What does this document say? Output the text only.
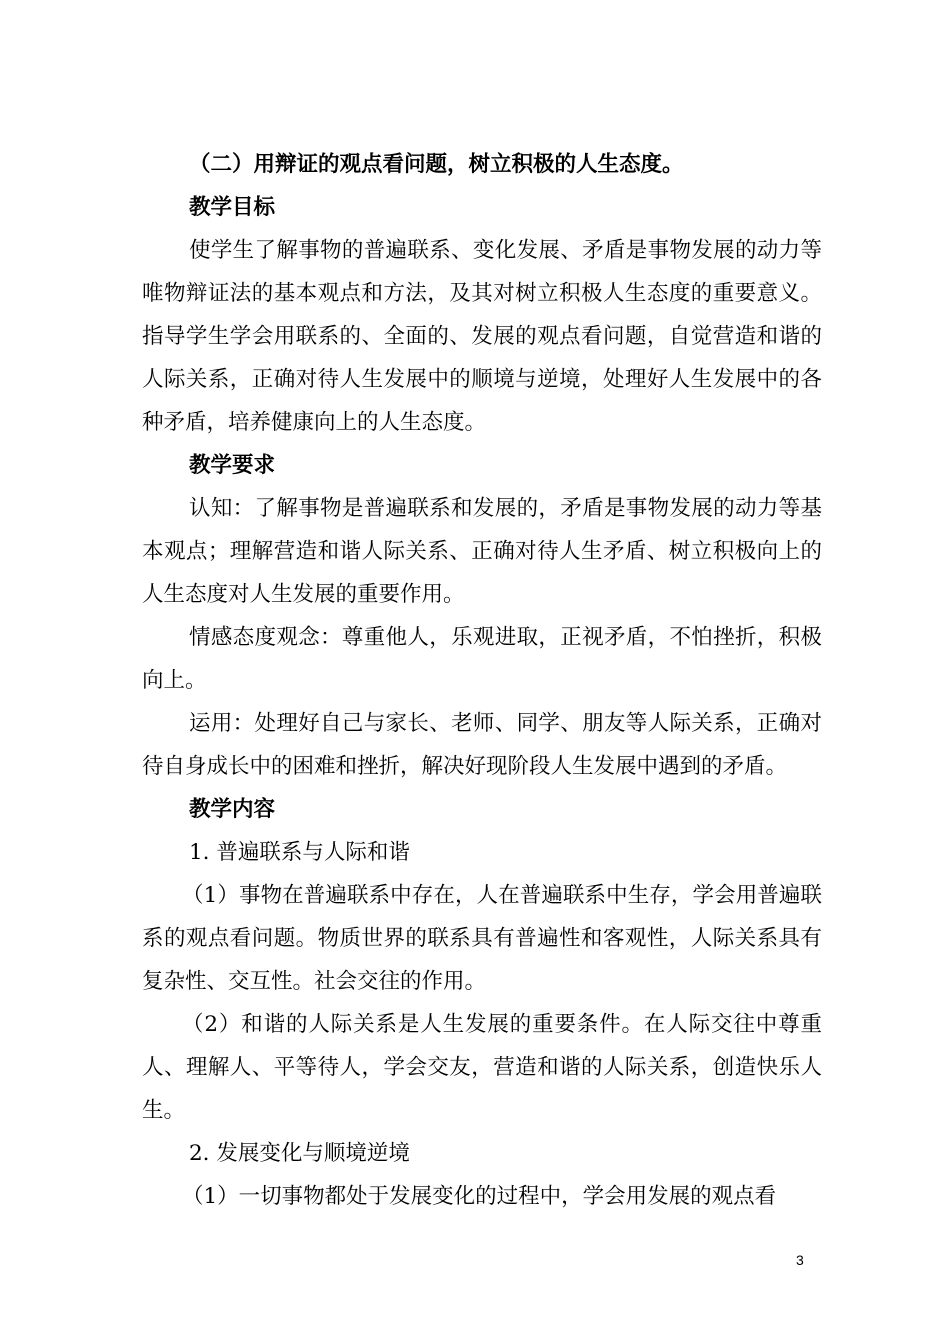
（二）用辩证的观点看问题，树立积极的人生态度。

教学目标

使学生了解事物的普遍联系、变化发展、矛盾是事物发展的动力等唯物辩证法的基本观点和方法，及其对树立积极人生态度的重要意义。指导学生学会用联系的、全面的、发展的观点看问题，自觉营造和谐的人际关系，正确对待人生发展中的顺境与逆境，处理好人生发展中的各种矛盾，培养健康向上的人生态度。

教学要求

认知：了解事物是普遍联系和发展的，矛盾是事物发展的动力等基本观点；理解营造和谐人际关系、正确对待人生矛盾、树立积极向上的人生态度对人生发展的重要作用。

情感态度观念：尊重他人，乐观进取，正视矛盾，不怕挫折，积极向上。

运用：处理好自己与家长、老师、同学、朋友等人际关系，正确对待自身成长中的困难和挫折，解决好现阶段人生发展中遇到的矛盾。

教学内容

1. 普遍联系与人际和谐

（1）事物在普遍联系中存在，人在普遍联系中生存，学会用普遍联系的观点看问题。物质世界的联系具有普遍性和客观性，人际关系具有复杂性、交互性。社会交往的作用。

（2）和谐的人际关系是人生发展的重要条件。在人际交往中尊重人、理解人、平等待人，学会交友，营造和谐的人际关系，创造快乐人生。

2. 发展变化与顺境逆境

（1）一切事物都处于发展变化的过程中，学会用发展的观点看

3
